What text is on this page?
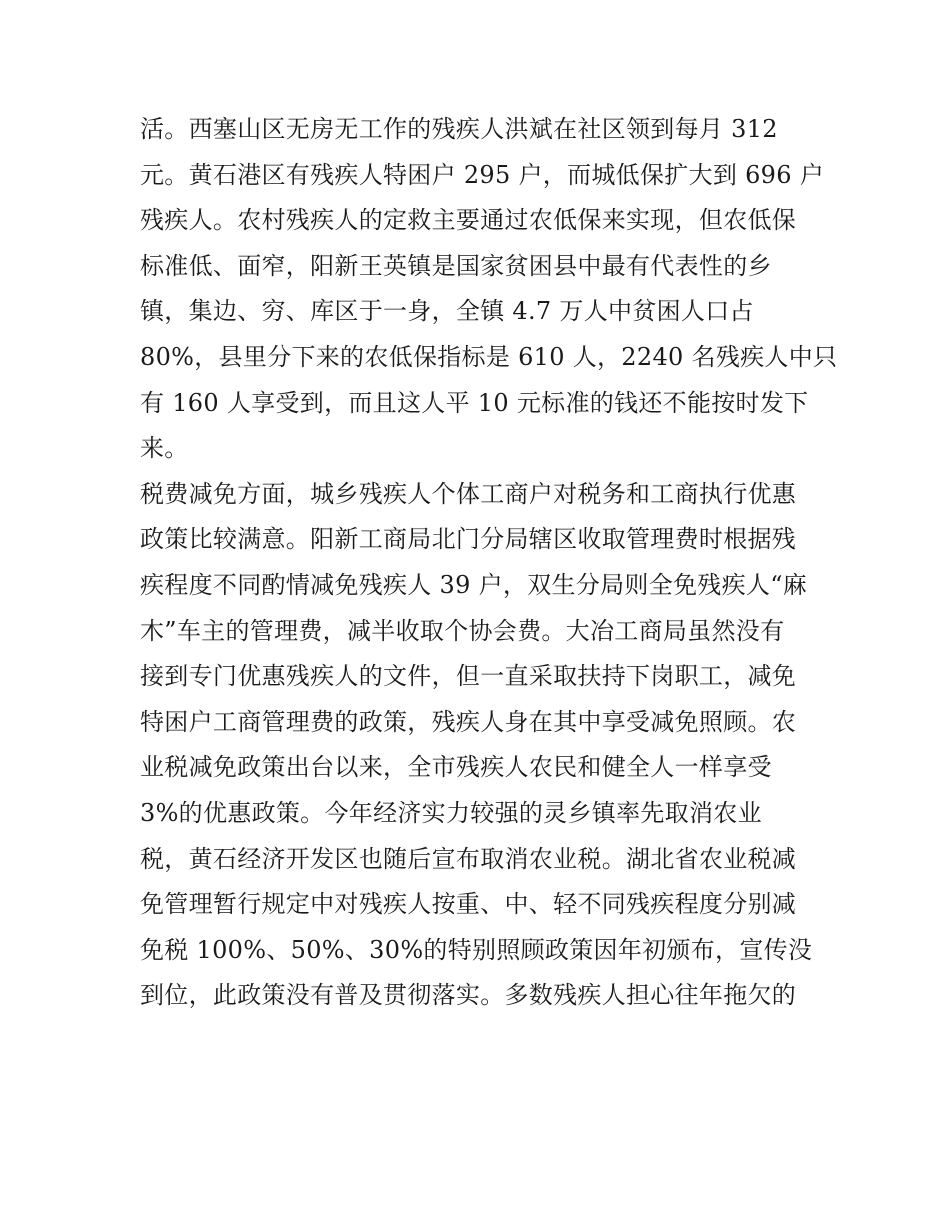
活。西塞山区无房无工作的残疾人洪斌在社区领到每月 312
元。黄石港区有残疾人特困户 295 户，而城低保扩大到 696 户
残疾人。农村残疾人的定救主要通过农低保来实现，但农低保
标准低、面窄，阳新王英镇是国家贫困县中最有代表性的乡
镇，集边、穷、库区于一身，全镇 4.7 万人中贫困人口占
80%，县里分下来的农低保指标是 610 人，2240 名残疾人中只
有 160 人享受到，而且这人平 10 元标准的钱还不能按时发下
来。
税费减免方面，城乡残疾人个体工商户对税务和工商执行优惠
政策比较满意。阳新工商局北门分局辖区收取管理费时根据残
疾程度不同酌情减免残疾人 39 户，双生分局则全免残疾人“麻
木”车主的管理费，减半收取个协会费。大冶工商局虽然没有
接到专门优惠残疾人的文件，但一直采取扶持下岗职工，减免
特困户工商管理费的政策，残疾人身在其中享受减免照顾。农
业税减免政策出台以来，全市残疾人农民和健全人一样享受
3%的优惠政策。今年经济实力较强的灵乡镇率先取消农业
税，黄石经济开发区也随后宣布取消农业税。湖北省农业税减
免管理暂行规定中对残疾人按重、中、轻不同残疾程度分别减
免税 100%、50%、30%的特别照顾政策因年初颁布，宣传没
到位，此政策没有普及贯彻落实。多数残疾人担心往年拖欠的
